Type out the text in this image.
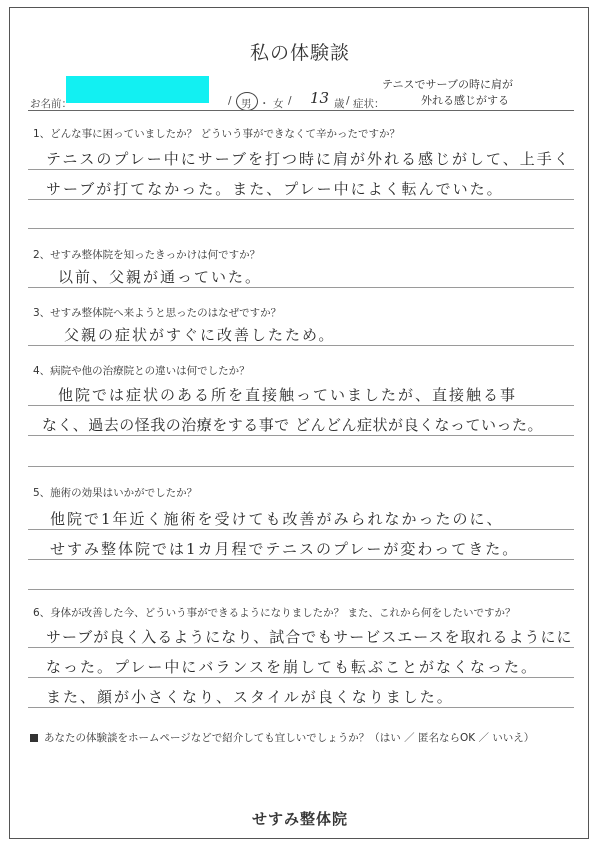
私の体験談
お名前：	/ 男 ・ 女 / 13 歳 / 症状：
テニスでサーブの時に肩が
外れる感じがする
1、どんな事に困っていましたか？ どういう事ができなくて辛かったですか？
テニスのプレー中にサーブを打つ時に肩が外れる感じがして、上手く
サーブが打てなかった。また、プレー中によく転んでいた。
2、せすみ整体院を知ったきっかけは何ですか？
以前、父親が通っていた。
3、せすみ整体院へ来ようと思ったのはなぜですか？
父親の症状がすぐに改善したため。
4、病院や他の治療院との違いは何でしたか？
他院では症状のある所を直接触っていましたが、直接触る事
なく、過去の怪我の治療をする事で どんどん症状が良くなっていった。
5、施術の効果はいかがでしたか？
他院で1年近く施術を受けても改善がみられなかったのに、
せすみ整体院では1カ月程でテニスのプレーが変わってきた。
6、身体が改善した今、どういう事ができるようになりましたか？ また、これから何をしたいですか？
サーブが良く入るようになり、試合でもサービスエースを取れるようにに
なった。プレー中にバランスを崩しても転ぶことがなくなった。
また、顔が小さくなり、スタイルが良くなりました。
あなたの体験談をホームページなどで紹介しても宜しいでしょうか？（はい ／ 匿名ならOK ／ いいえ）
せすみ整体院
